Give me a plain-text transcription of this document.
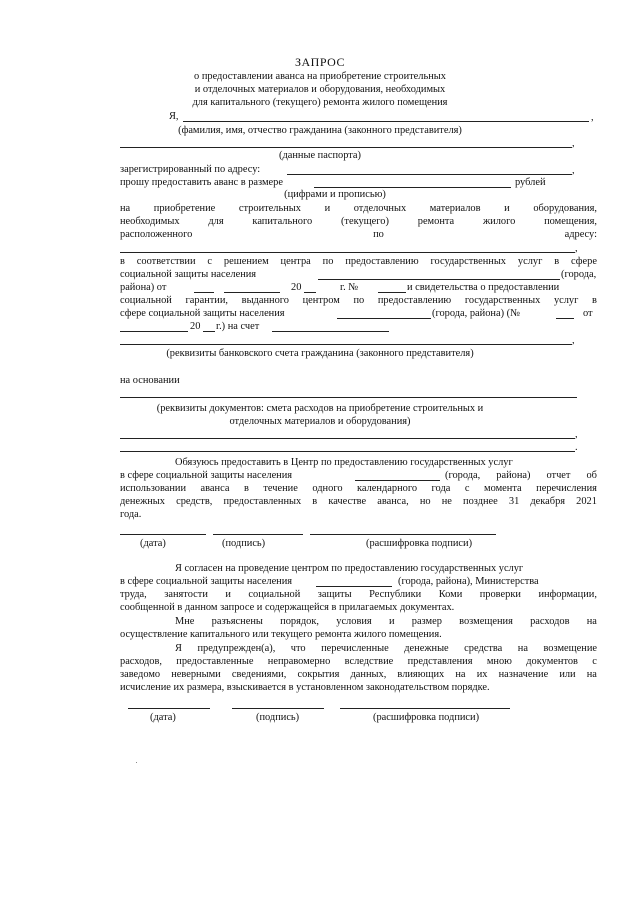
ЗАПРОС
о предоставлении аванса на приобретение строительных
и отделочных материалов и оборудования, необходимых
для капитального (текущего) ремонта жилого помещения
Я,	,
(фамилия, имя, отчество гражданина (законного представителя)
,
(данные паспорта)
зарегистрированный по адресу:	,
прошу предоставить аванс в размере	рублей
(цифрами и прописью)
на приобретение строительных и отделочных материалов и оборудования,
необходимых	для	капитального	(текущего)	ремонта	жилого	помещения,
расположенного	по	адресу:
,
в соответствии с решением центра по предоставлению государственных услуг в сфере
социальной защиты населения	(города,
района) от	20	г. №	и свидетельства о предоставлении
социальной гарантии, выданного центром по предоставлению государственных услуг в
сфере социальной защиты населения	(города, района) (№	от
20 г.) на счет
,
(реквизиты банковского счета гражданина (законного представителя)
на основании
(реквизиты документов: смета расходов на приобретение строительных и
отделочных материалов и оборудования)
,
.
Обязуюсь предоставить в Центр по предоставлению государственных услуг
в сфере социальной защиты населения	(города, района) отчет об
использовании аванса в течение одного календарного года с момента перечисления
денежных средств, предоставленных в качестве аванса, но не позднее 31 декабря 2021
года.
(дата)	(подпись)	(расшифровка подписи)
Я согласен на проведение центром по предоставлению государственных услуг
в сфере социальной защиты населения	(города, района), Министерства
труда, занятости и социальной защиты Республики Коми проверки информации,
сообщенной в данном запросе и содержащейся в прилагаемых документах.
Мне разъяснены порядок, условия и размер возмещения расходов на
осуществление капитального или текущего ремонта жилого помещения.
Я предупрежден(а), что перечисленные денежные средства на возмещение
расходов, предоставленные неправомерно вследствие представления мною документов с
заведомо неверными сведениями, сокрытия данных, влияющих на их назначение или на
исчисление их размера, взыскивается в установленном законодательством порядке.
(дата)	(подпись)	(расшифровка подписи)
